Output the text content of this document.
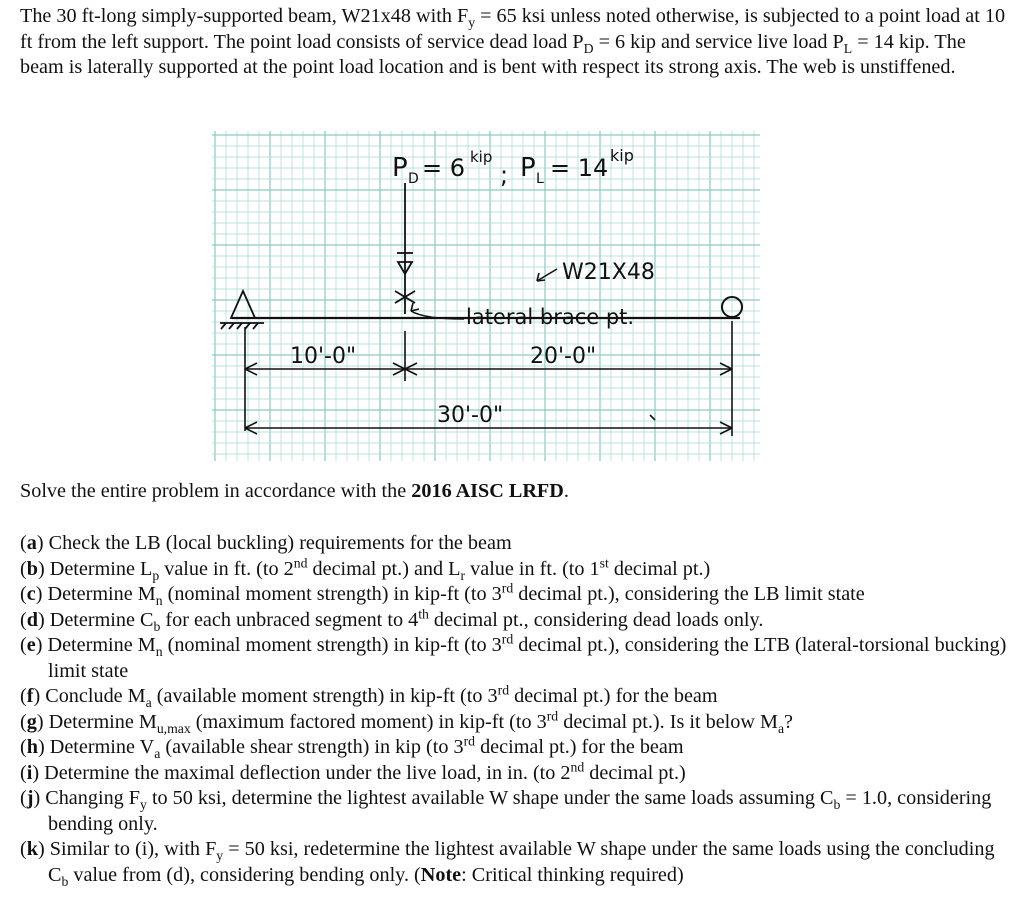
The 30 ft-long simply-supported beam, W21x48 with $F_y = 65$ ksi unless noted otherwise, is subjected to a point load at 10 ft from the left support. The point load consists of service dead load $P_D = 6$ kip and service live load $P_L = 14$ kip. The beam is laterally supported at the point load location and is bent with respect its strong axis. The web is unstiffened.
P D = 6 kip
; P L = 14 kip
W21X48
lateral brace pt.
10'-0"	20'-0"
30'-0"
Solve the entire problem in accordance with the 2016 AISC LRFD.
(a) Check the LB (local buckling) requirements for the beam
(b) Determine $L_p$ value in ft. (to 2nd decimal pt.) and $L_r$ value in ft. (to 1st decimal pt.)
(c) Determine $M_n$ (nominal moment strength) in kip-ft (to 3rd decimal pt.), considering the LB limit state
(d) Determine $C_b$ for each unbraced segment to 4th decimal pt., considering dead loads only.
(e) Determine $M_n$ (nominal moment strength) in kip-ft (to 3rd decimal pt.), considering the LTB (lateral-torsional bucking) limit state
(f) Conclude $M_a$ (available moment strength) in kip-ft (to 3rd decimal pt.) for the beam
(g) Determine $M_{u,max}$ (maximum factored moment) in kip-ft (to 3rd decimal pt.). Is it below $M_a$?
(h) Determine $V_a$ (available shear strength) in kip (to 3rd decimal pt.) for the beam
(i) Determine the maximal deflection under the live load, in in. (to 2nd decimal pt.)
(j) Changing $F_y$ to 50 ksi, determine the lightest available W shape under the same loads assuming $C_b = 1.0$, considering bending only.
(k) Similar to (i), with $F_y = 50$ ksi, redetermine the lightest available W shape under the same loads using the concluding $C_b$ value from (d), considering bending only. (Note: Critical thinking required)
